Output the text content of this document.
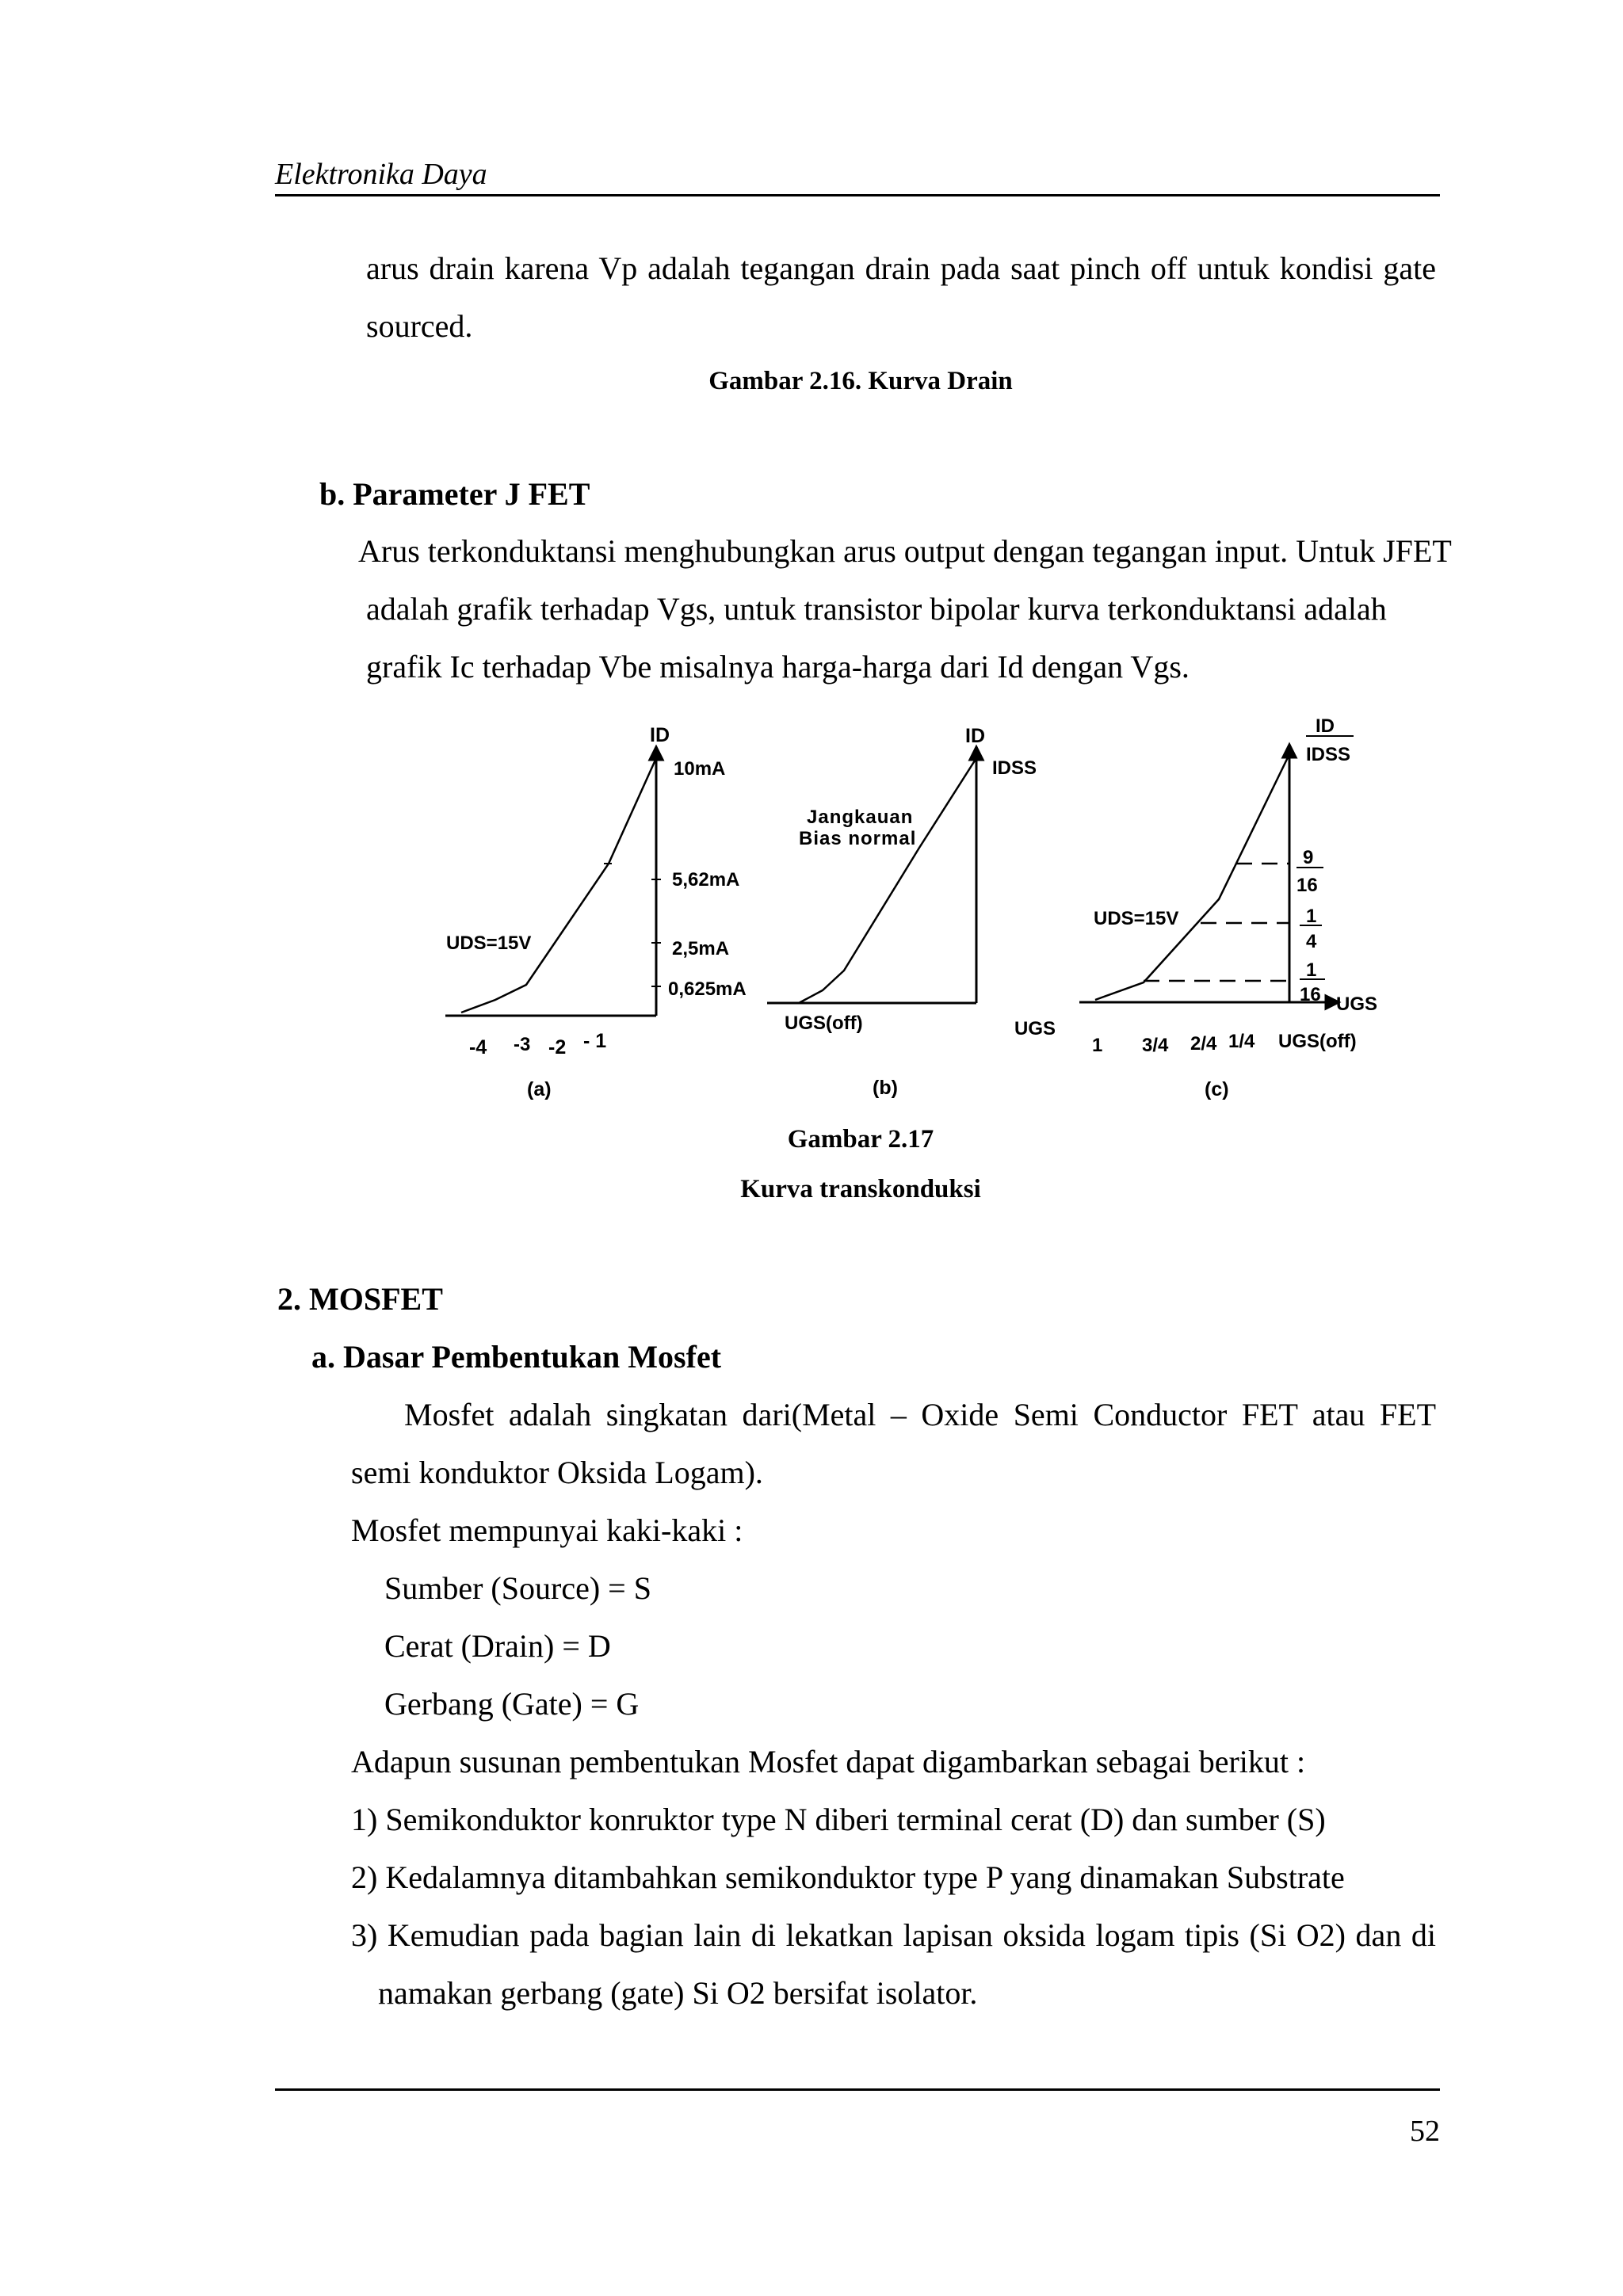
Elektronika Daya
arus drain karena Vp adalah tegangan drain pada saat pinch off untuk kondisi gate
sourced.
Gambar 2.16. Kurva Drain
b. Parameter J FET
Arus terkonduktansi menghubungkan arus output dengan tegangan input. Untuk JFET
adalah grafik terhadap Vgs, untuk transistor bipolar kurva terkonduktansi adalah
grafik Ic terhadap Vbe misalnya harga-harga dari Id dengan Vgs.
ID
10mA
5,62mA
2,5mA
0,625mA
UDS=15V
-4 -3 -2 - 1
(a)
ID
IDSS
Jangkauan
Bias normal
UGS(off)	UGS
(b)
ID
IDSS
UDS=15V
9
16
1
4
1
16 UGS
1 3/4 2/4 1/4 UGS(off)
(c)
Gambar 2.17
Kurva transkonduksi
2. MOSFET
a. Dasar Pembentukan Mosfet
Mosfet adalah singkatan dari(Metal – Oxide Semi Conductor FET atau FET
semi konduktor Oksida Logam).
Mosfet mempunyai kaki-kaki :
Sumber (Source) = S
Cerat (Drain) = D
Gerbang (Gate) = G
Adapun susunan pembentukan Mosfet dapat digambarkan sebagai berikut :
1) Semikonduktor konruktor type N diberi terminal cerat (D) dan sumber (S)
2) Kedalamnya ditambahkan semikonduktor type P yang dinamakan Substrate
3) Kemudian pada bagian lain di lekatkan lapisan oksida logam tipis (Si O2) dan di
namakan gerbang (gate) Si O2 bersifat isolator.
52
